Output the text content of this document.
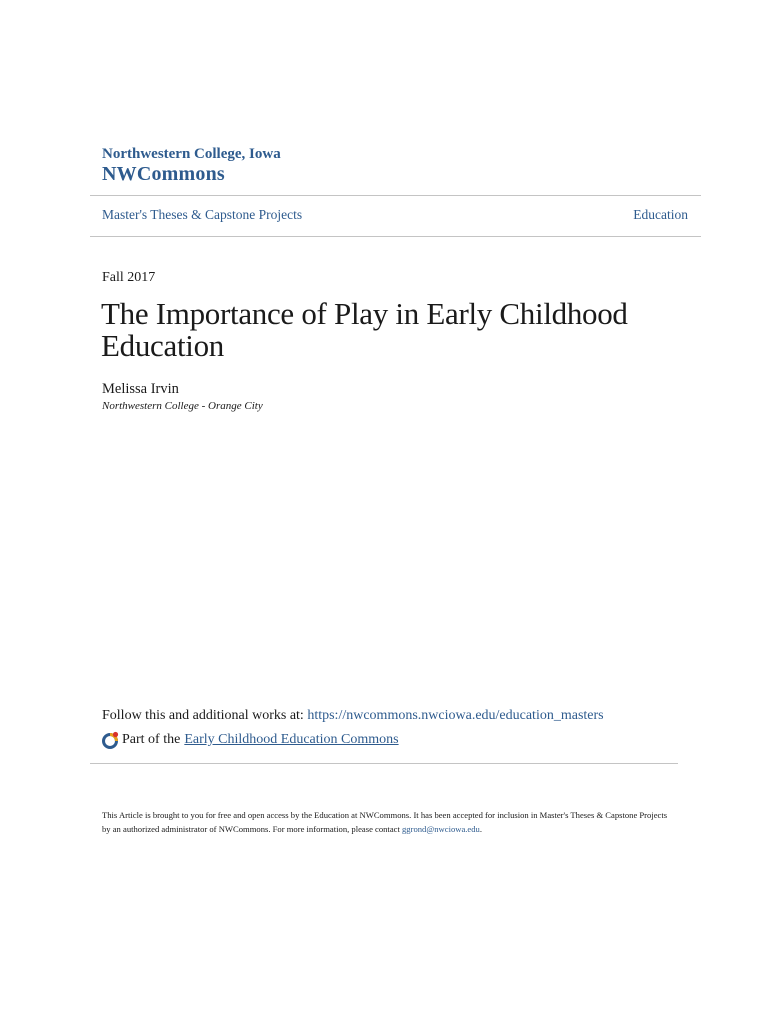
Northwestern College, Iowa
NWCommons
Master's Theses & Capstone Projects	Education
Fall 2017
The Importance of Play in Early Childhood Education
Melissa Irvin
Northwestern College - Orange City
Follow this and additional works at: https://nwcommons.nwciowa.edu/education_masters
Part of the Early Childhood Education Commons
This Article is brought to you for free and open access by the Education at NWCommons. It has been accepted for inclusion in Master's Theses & Capstone Projects by an authorized administrator of NWCommons. For more information, please contact ggrond@nwciowa.edu.
